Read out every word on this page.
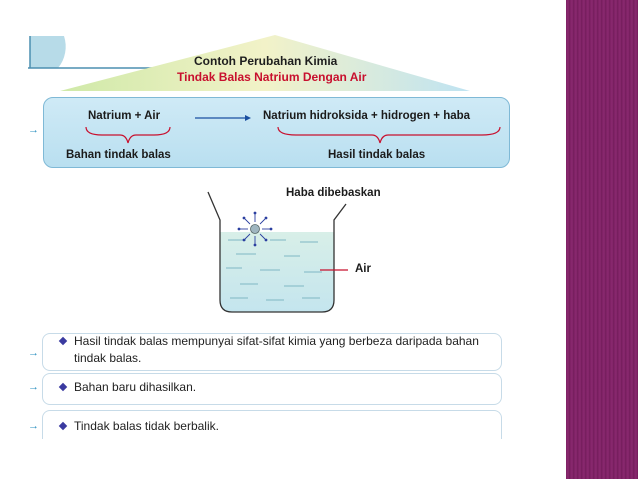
Contoh Perubahan Kimia
Tindak Balas Natrium Dengan Air
→
Natrium + Air → Natrium hidroksida + hidrogen + haba
Bahan tindak balas	Hasil tindak balas
Haba dibebaskan
Air
→
Hasil tindak balas mempunyai sifat-sifat kimia yang berbeza daripada bahan tindak balas.
→	Bahan baru dihasilkan.
→	Tindak balas tidak berbalik.
